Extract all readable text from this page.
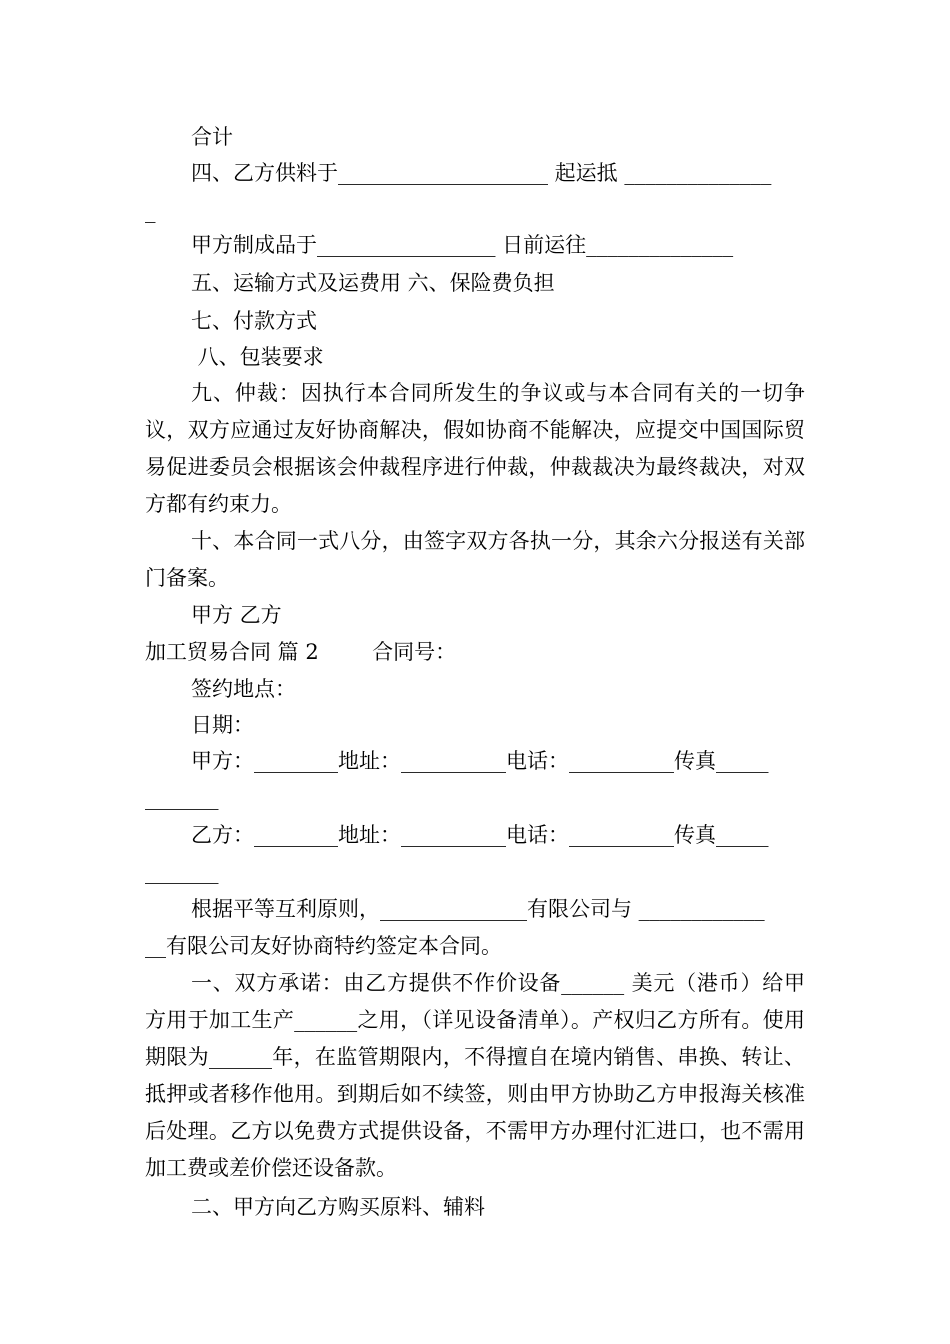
合计
四、乙方供料于____________________ 起运抵 ______________
_
甲方制成品于_________________ 日前运往______________
五、运输方式及运费用 六、保险费负担
七、付款方式
八、包装要求
九、仲裁：因执行本合同所发生的争议或与本合同有关的一切争议，双方应通过友好协商解决，假如协商不能解决，应提交中国国际贸易促进委员会根据该会仲裁程序进行仲裁，仲裁裁决为最终裁决，对双方都有约束力。
十、本合同一式八分，由签字双方各执一分，其余六分报送有关部门备案。
甲方 乙方
加工贸易合同 篇 2        合同号：
签约地点：
日期：
甲方：________地址：__________电话：__________传真_____
_______
乙方：________地址：__________电话：__________传真_____
_______
根据平等互利原则，______________有限公司与 ____________
__有限公司友好协商特约签定本合同。
一、双方承诺：由乙方提供不作价设备______ 美元（港币）给甲方用于加工生产______之用，（详见设备清单）。产权归乙方所有。使用期限为______年，在监管期限内，不得擅自在境内销售、串换、转让、抵押或者移作他用。到期后如不续签，则由甲方协助乙方申报海关核准后处理。乙方以免费方式提供设备，不需甲方办理付汇进口，也不需用加工费或差价偿还设备款。
二、甲方向乙方购买原料、辅料
